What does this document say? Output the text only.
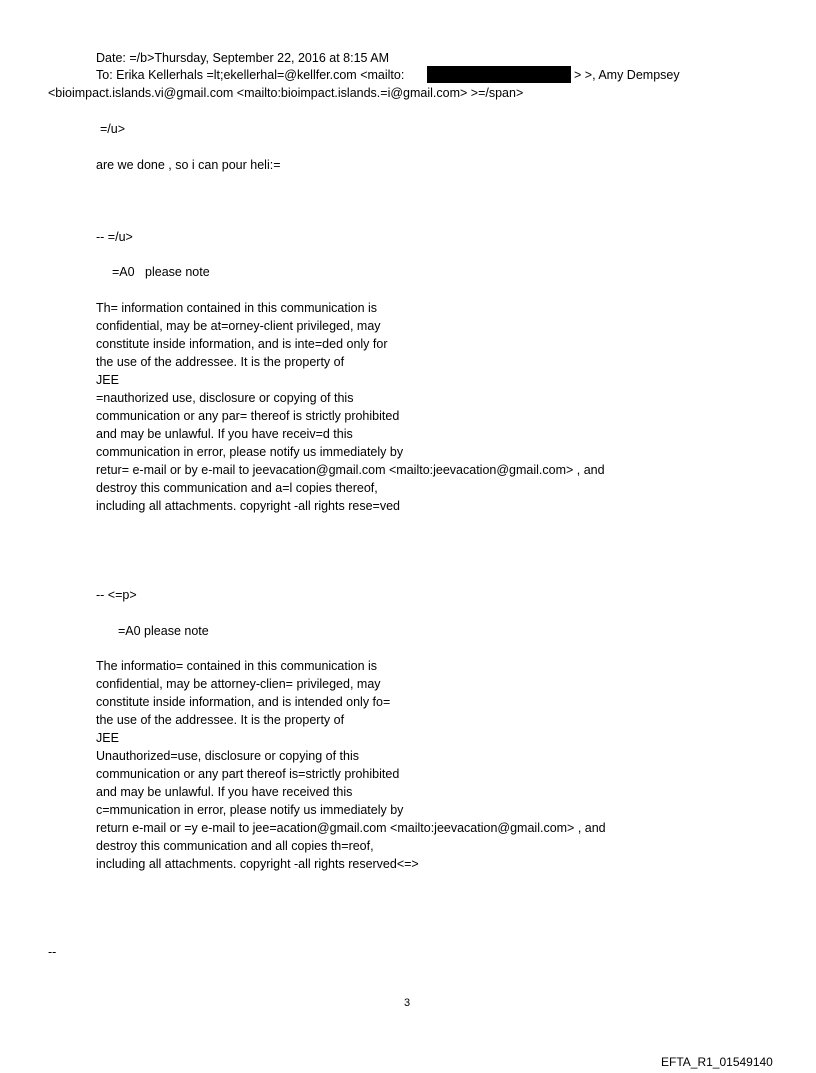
Date: =/b>Thursday, September 22, 2016 at 8:15 AM
To: Erika Kellerhals =lt;ekellerhal=@kellfer.com <mailto:	> >, Amy Dempsey
<bioimpact.islands.vi@gmail.com <mailto:bioimpact.islands.=i@gmail.com> >=/span>
=/u>
are we done , so i can pour heli:=
-- =/u>
=A0   please note
Th= information contained in this communication is
confidential, may be at=orney-client privileged, may
constitute inside information, and is inte=ded only for
the use of the addressee. It is the property of
JEE
=nauthorized use, disclosure or copying of this
communication or any par= thereof is strictly prohibited
and may be unlawful. If you have receiv=d this
communication in error, please notify us immediately by
retur= e-mail or by e-mail to jeevacation@gmail.com <mailto:jeevacation@gmail.com> , and
destroy this communication and a=l copies thereof,
including all attachments. copyright -all rights rese=ved
-- <=p>
=A0 please note
The informatio= contained in this communication is
confidential, may be attorney-clien= privileged, may
constitute inside information, and is intended only fo=
the use of the addressee. It is the property of
JEE
Unauthorized=use, disclosure or copying of this
communication or any part thereof is=strictly prohibited
and may be unlawful. If you have received this
c=mmunication in error, please notify us immediately by
return e-mail or =y e-mail to jee=acation@gmail.com <mailto:jeevacation@gmail.com> , and
destroy this communication and all copies th=reof,
including all attachments. copyright -all rights reserved<=>
--
3
EFTA_R1_01549140
